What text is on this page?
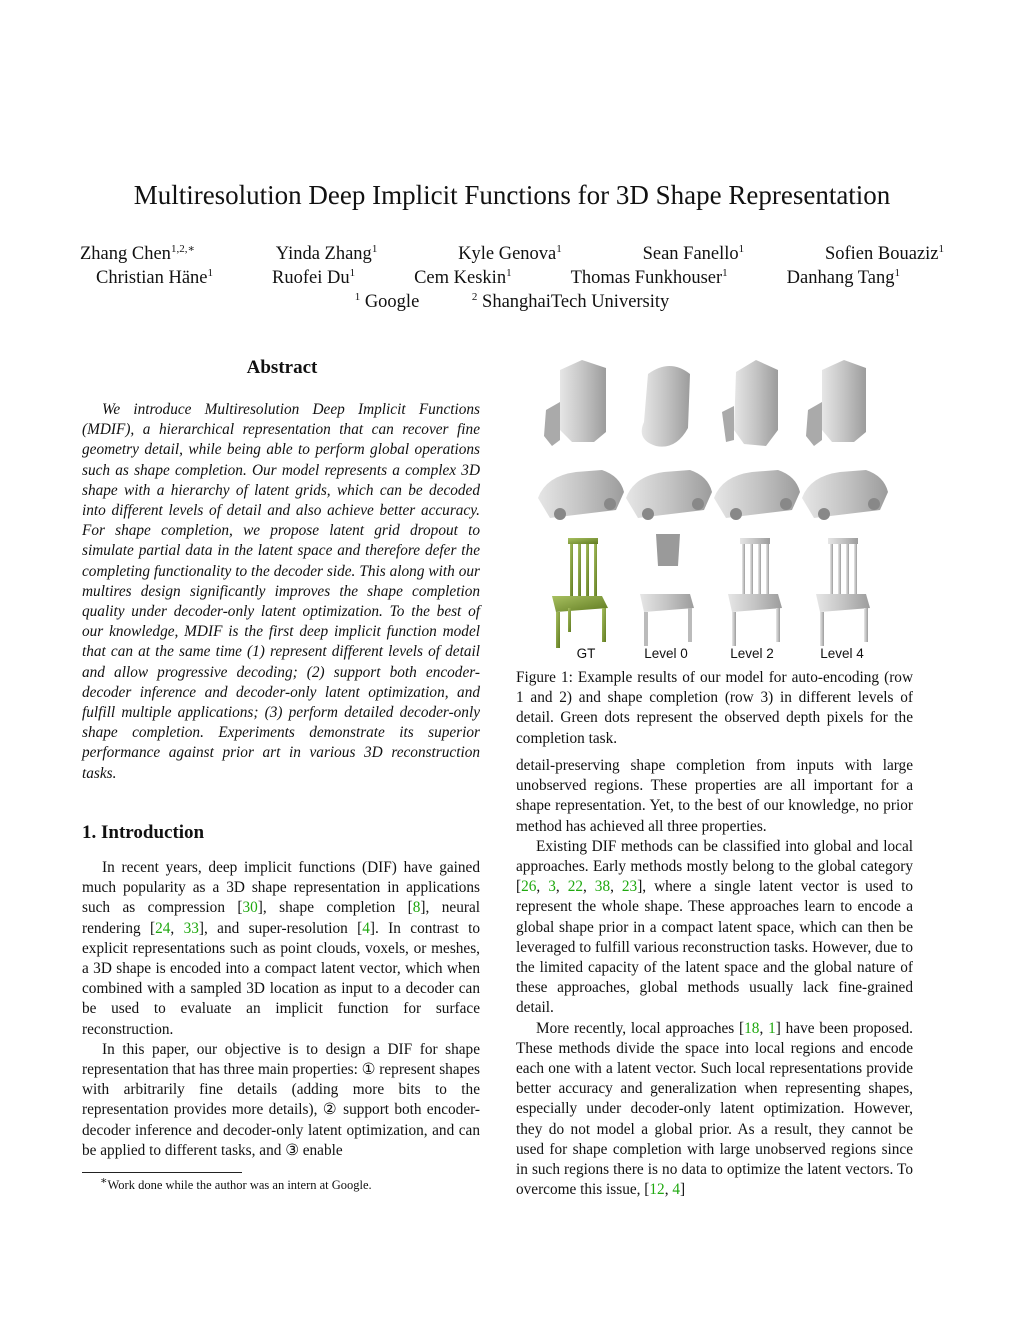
Multiresolution Deep Implicit Functions for 3D Shape Representation
Zhang Chen$^{1,2,∗}$	Yinda Zhang$^1$	Kyle Genova$^1$	Sean Fanello$^1$	Sofien Bouaziz$^1$
Christian Häne$^1$	Ruofei Du$^1$	Cem Keskin$^1$	Thomas Funkhouser$^1$	Danhang Tang$^1$
$^1$ Google	$^2$ ShanghaiTech University
Abstract

We introduce Multiresolution Deep Implicit Functions (MDIF), a hierarchical representation that can recover fine geometry detail, while being able to perform global operations such as shape completion. Our model represents a complex 3D shape with a hierarchy of latent grids, which can be decoded into different levels of detail and also achieve better accuracy. For shape completion, we propose latent grid dropout to simulate partial data in the latent space and therefore defer the completing functionality to the decoder side. This along with our multires design significantly improves the shape completion quality under decoder-only latent optimization. To the best of our knowledge, MDIF is the first deep implicit function model that can at the same time (1) represent different levels of detail and allow progressive decoding; (2) support both encoder-decoder inference and decoder-only latent optimization, and fulfill multiple applications; (3) perform detailed decoder-only shape completion. Experiments demonstrate its superior performance against prior art in various 3D reconstruction tasks.

1. Introduction

In recent years, deep implicit functions (DIF) have gained much popularity as a 3D shape representation in applications such as compression [30], shape completion [8], neural rendering [24, 33], and super-resolution [4]. In contrast to explicit representations such as point clouds, voxels, or meshes, a 3D shape is encoded into a compact latent vector, which when combined with a sampled 3D location as input to a decoder can be used to evaluate an implicit function for surface reconstruction.

In this paper, our objective is to design a DIF for shape representation that has three main properties: ① represent shapes with arbitrarily fine details (adding more bits to the representation provides more details), ② support both encoder-decoder inference and decoder-only latent optimization, and can be applied to different tasks, and ③ enable

∗Work done while the author was an intern at Google.
GT	Level 0	Level 2	Level 4

Figure 1: Example results of our model for auto-encoding (row 1 and 2) and shape completion (row 3) in different levels of detail. Green dots represent the observed depth pixels for the completion task.

detail-preserving shape completion from inputs with large unobserved regions. These properties are all important for a shape representation. Yet, to the best of our knowledge, no prior method has achieved all three properties.

Existing DIF methods can be classified into global and local approaches. Early methods mostly belong to the global category [26, 3, 22, 38, 23], where a single latent vector is used to represent the whole shape. These approaches learn to encode a global shape prior in a compact latent space, which can then be leveraged to fulfill various reconstruction tasks. However, due to the limited capacity of the latent space and the global nature of these approaches, global methods usually lack fine-grained detail.

More recently, local approaches [18, 1] have been proposed. These methods divide the space into local regions and encode each one with a latent vector. Such local representations provide better accuracy and generalization when representing shapes, especially under decoder-only latent optimization. However, they do not model a global prior. As a result, they cannot be used for shape completion with large unobserved regions since in such regions there is no data to optimize the latent vectors. To overcome this issue, [12, 4]
